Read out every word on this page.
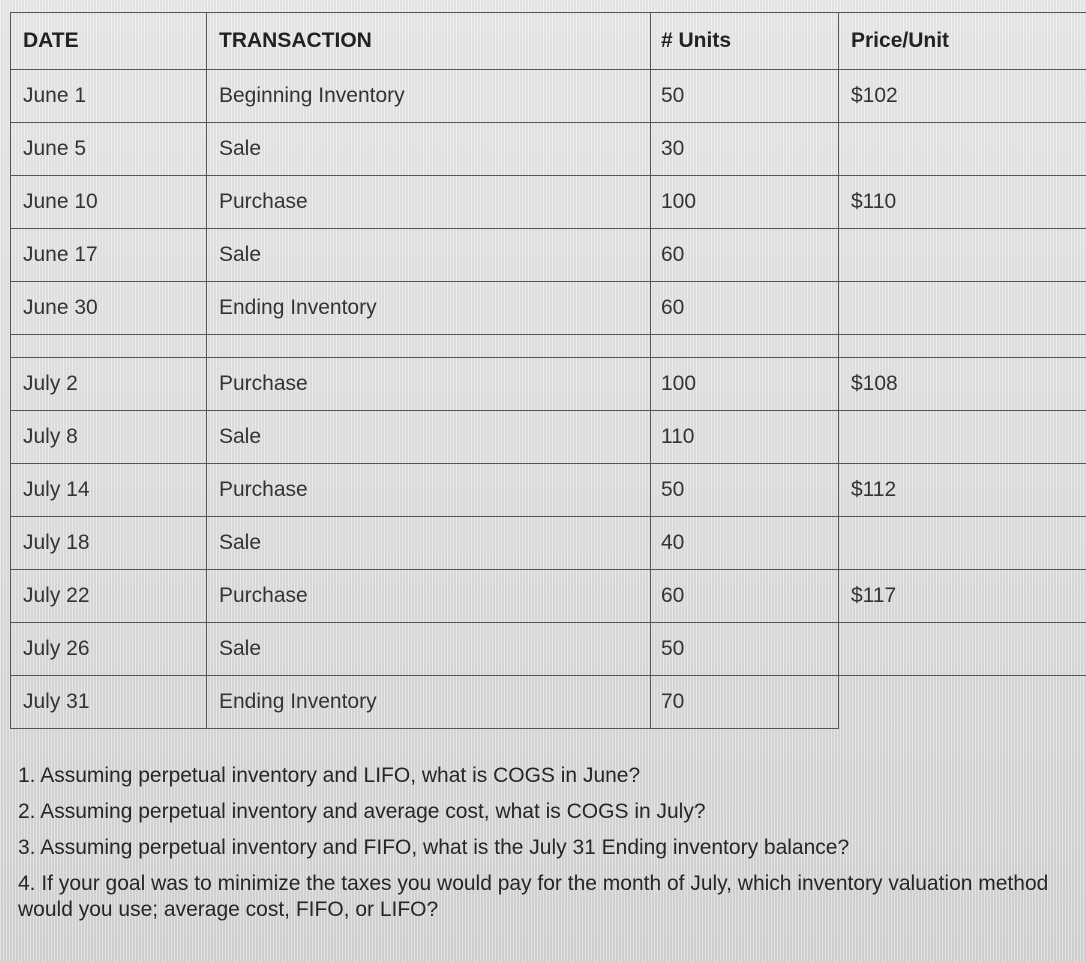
DATE	TRANSACTION	# Units	Price/Unit
June 1	Beginning Inventory	50	$102
June 5	Sale	30	
June 10	Purchase	100	$110
June 17	Sale	60	
June 30	Ending Inventory	60	

July 2	Purchase	100	$108
July 8	Sale	110	
July 14	Purchase	50	$112
July 18	Sale	40	
July 22	Purchase	60	$117
July 26	Sale	50	
July 31	Ending Inventory	70	

1. Assuming perpetual inventory and LIFO, what is COGS in June?

2. Assuming perpetual inventory and average cost, what is COGS in July?

3. Assuming perpetual inventory and FIFO, what is the July 31 Ending inventory balance?

4. If your goal was to minimize the taxes you would pay for the month of July, which inventory valuation method would you use; average cost, FIFO, or LIFO?
